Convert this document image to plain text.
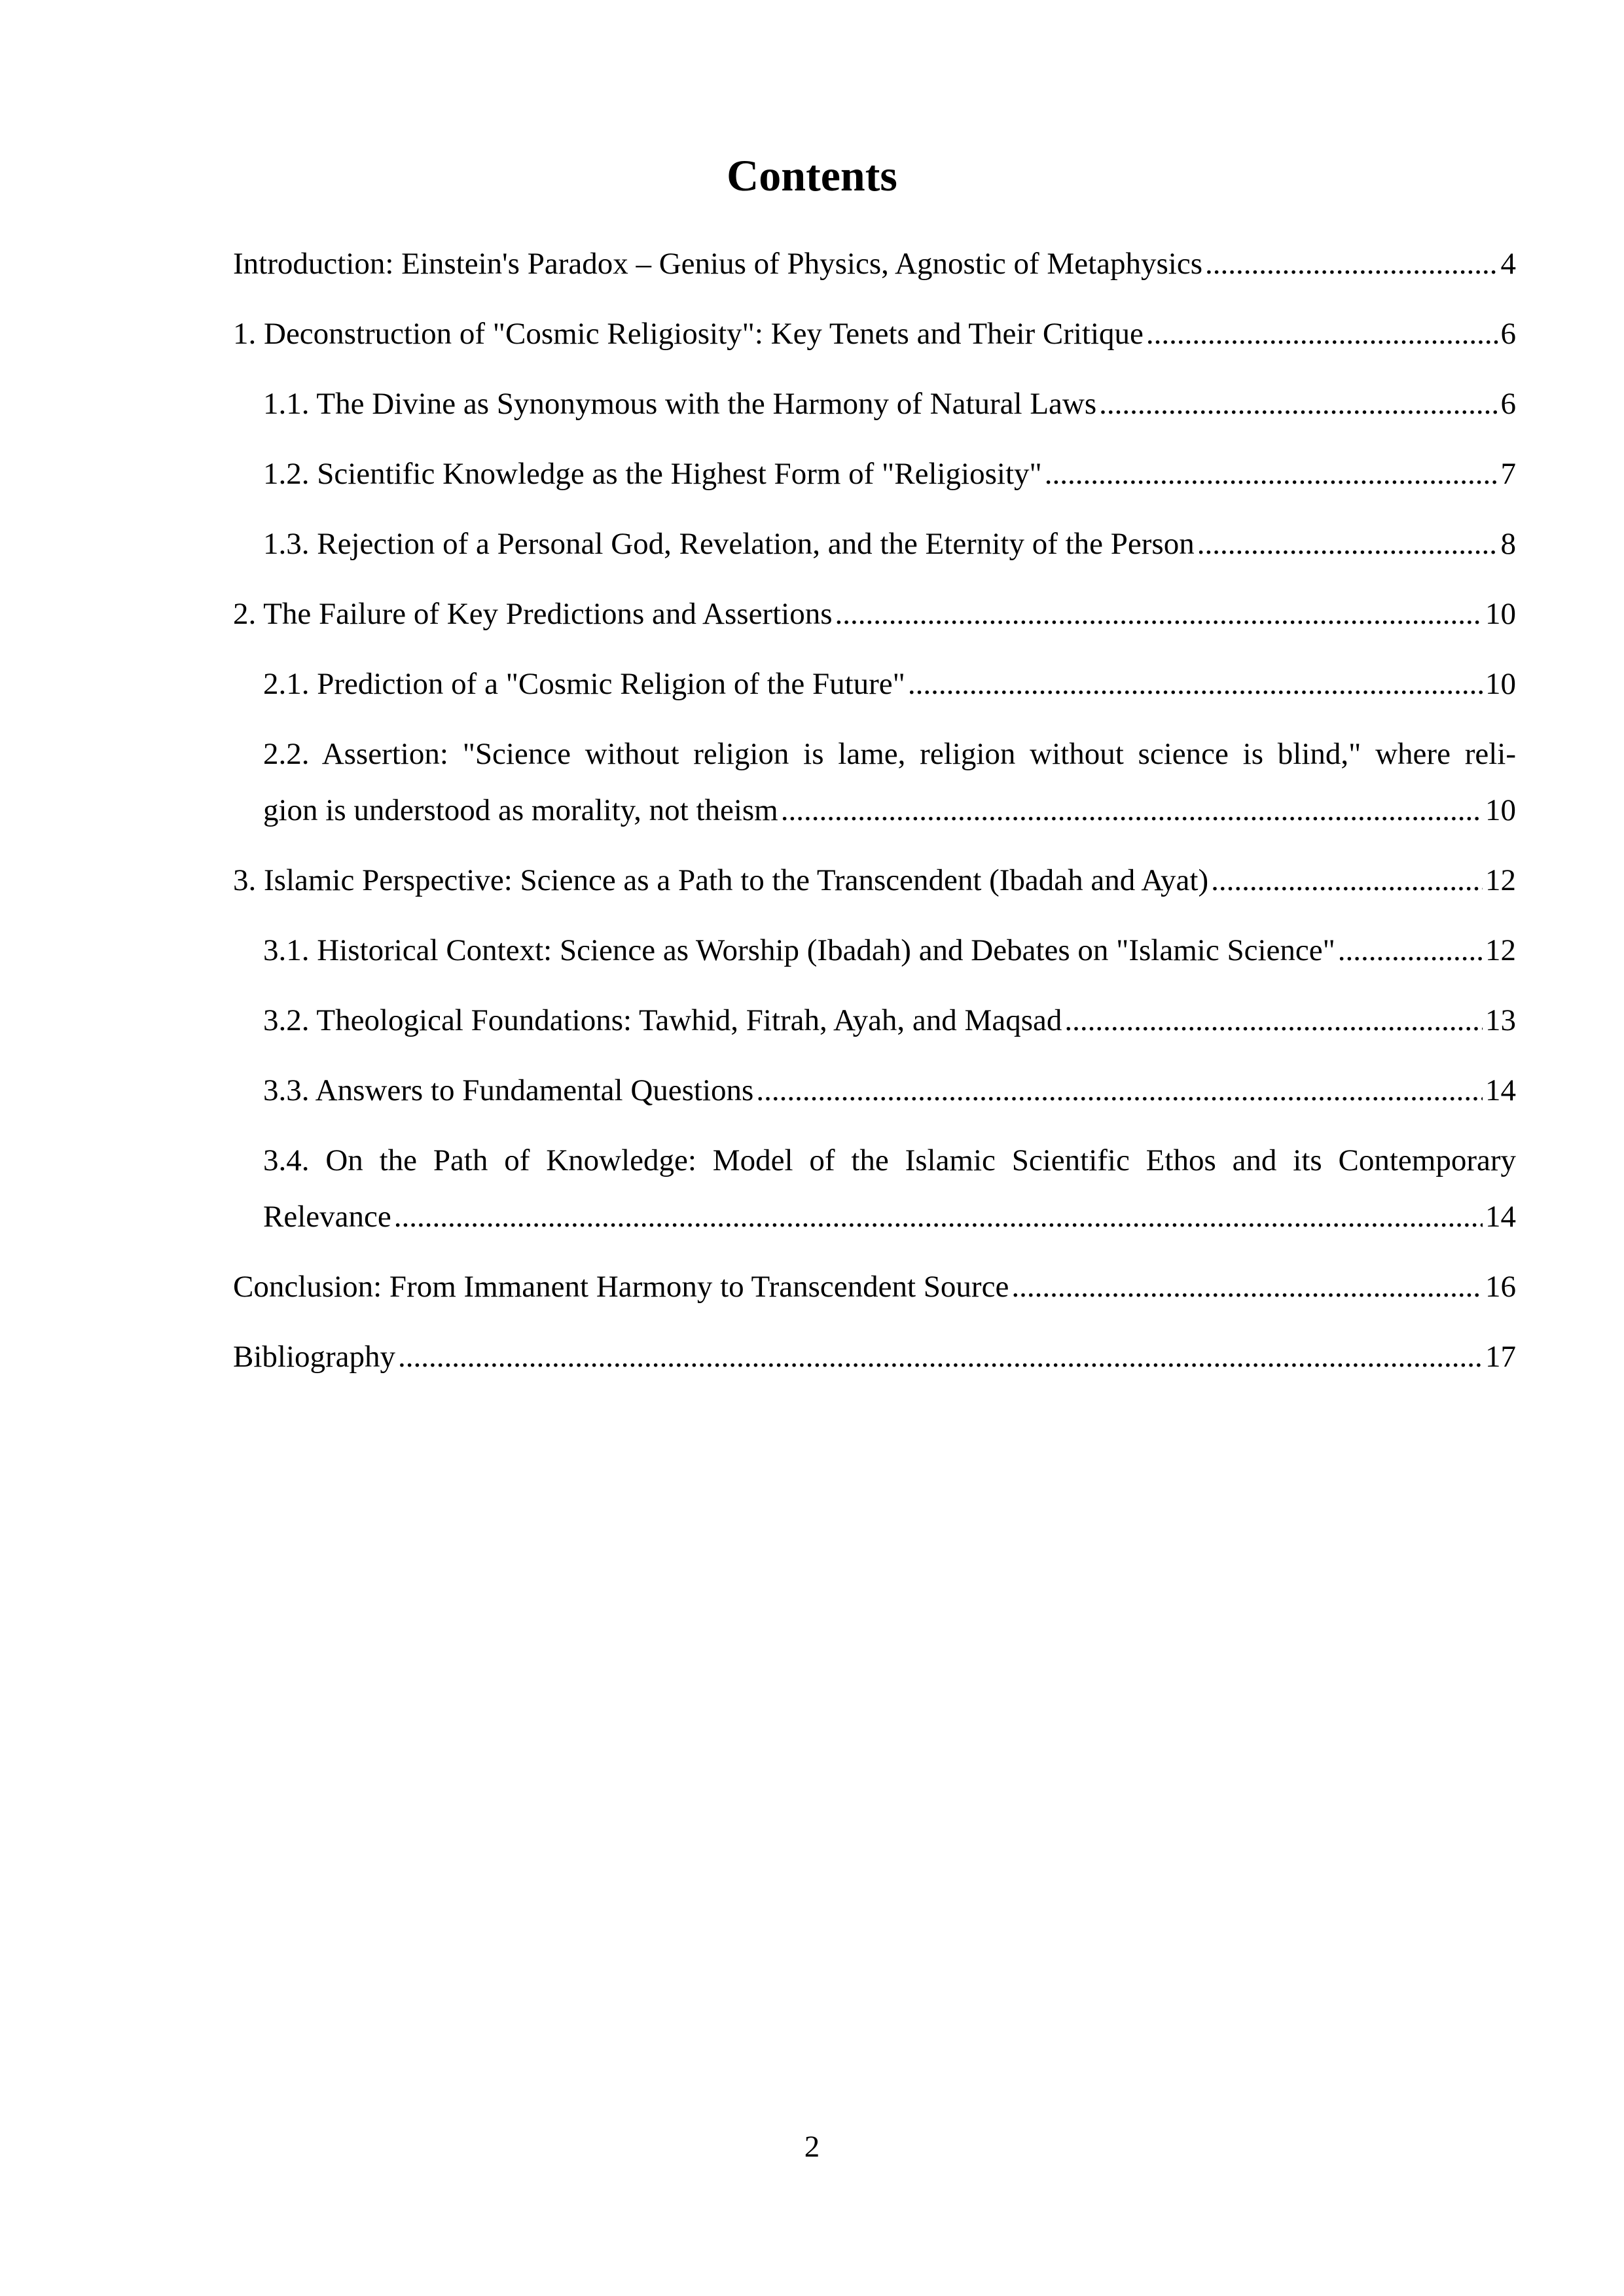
Contents
Introduction: Einstein's Paradox – Genius of Physics, Agnostic of Metaphysics .....	4
1. Deconstruction of "Cosmic Religiosity": Key Tenets and Their Critique .....	6
1.1. The Divine as Synonymous with the Harmony of Natural Laws .....	6
1.2. Scientific Knowledge as the Highest Form of "Religiosity" .....	7
1.3. Rejection of a Personal God, Revelation, and the Eternity of the Person .....	8
2. The Failure of Key Predictions and Assertions .....	10
2.1. Prediction of a "Cosmic Religion of the Future" .....	10
2.2. Assertion: "Science without religion is lame, religion without science is blind," where reli-
gion is understood as morality, not theism .....	10
3. Islamic Perspective: Science as a Path to the Transcendent (Ibadah and Ayat) .....	12
3.1. Historical Context: Science as Worship (Ibadah) and Debates on "Islamic Science" .....	12
3.2. Theological Foundations: Tawhid, Fitrah, Ayah, and Maqsad .....	13
3.3. Answers to Fundamental Questions .....	14
3.4. On the Path of Knowledge: Model of the Islamic Scientific Ethos and its Contemporary
Relevance .....	14
Conclusion: From Immanent Harmony to Transcendent Source .....	16
Bibliography .....	17
2
